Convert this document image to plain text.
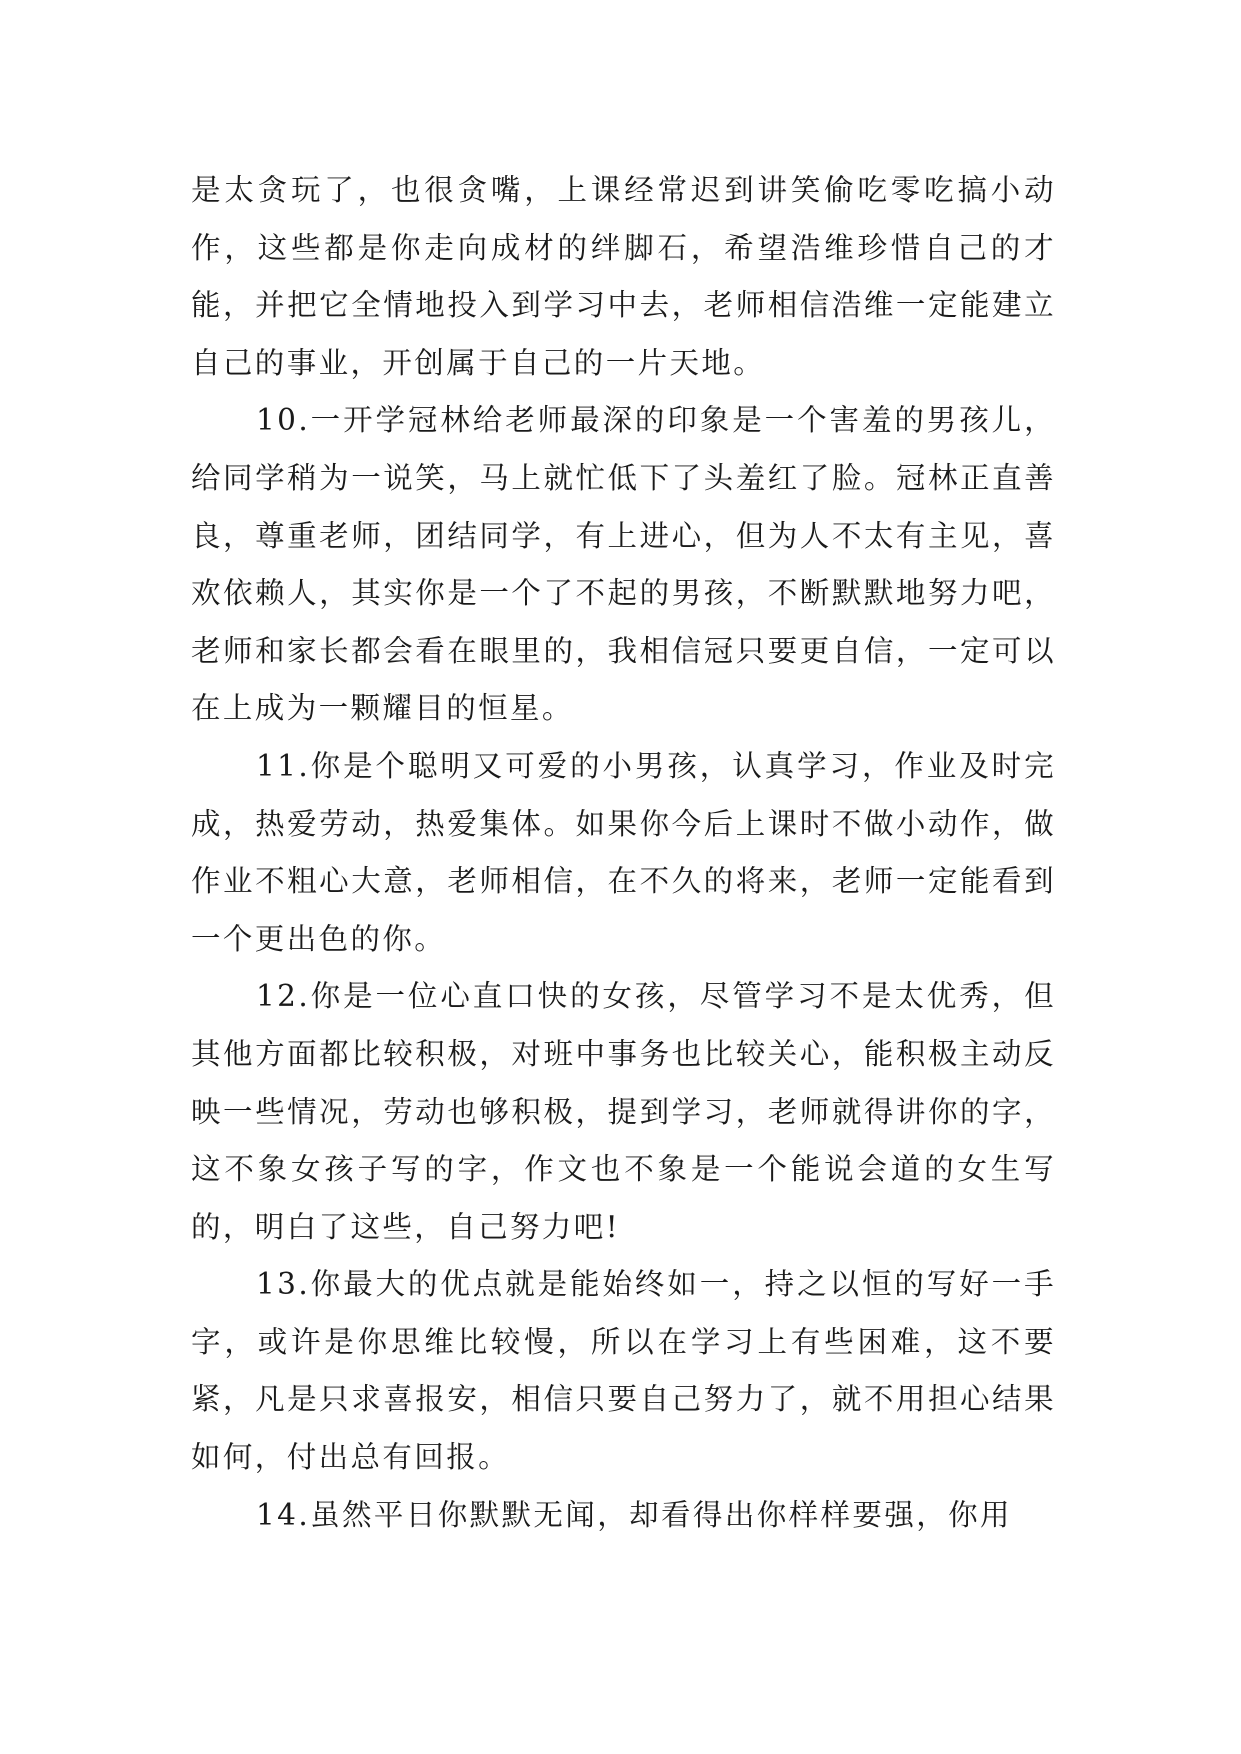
是太贪玩了，也很贪嘴，上课经常迟到讲笑偷吃零吃搞小动作，这些都是你走向成材的绊脚石，希望浩维珍惜自己的才能，并把它全情地投入到学习中去，老师相信浩维一定能建立自己的事业，开创属于自己的一片天地。

10.一开学冠林给老师最深的印象是一个害羞的男孩儿，给同学稍为一说笑，马上就忙低下了头羞红了脸。冠林正直善良，尊重老师，团结同学，有上进心，但为人不太有主见，喜欢依赖人，其实你是一个了不起的男孩，不断默默地努力吧，老师和家长都会看在眼里的，我相信冠只要更自信，一定可以在上成为一颗耀目的恒星。

11.你是个聪明又可爱的小男孩，认真学习，作业及时完成，热爱劳动，热爱集体。如果你今后上课时不做小动作，做作业不粗心大意，老师相信，在不久的将来，老师一定能看到一个更出色的你。

12.你是一位心直口快的女孩，尽管学习不是太优秀，但其他方面都比较积极，对班中事务也比较关心，能积极主动反映一些情况，劳动也够积极，提到学习，老师就得讲你的字，这不象女孩子写的字，作文也不象是一个能说会道的女生写的，明白了这些，自己努力吧!

13.你最大的优点就是能始终如一，持之以恒的写好一手字，或许是你思维比较慢，所以在学习上有些困难，这不要紧，凡是只求喜报安，相信只要自己努力了，就不用担心结果如何，付出总有回报。

14.虽然平日你默默无闻，却看得出你样样要强，你用
